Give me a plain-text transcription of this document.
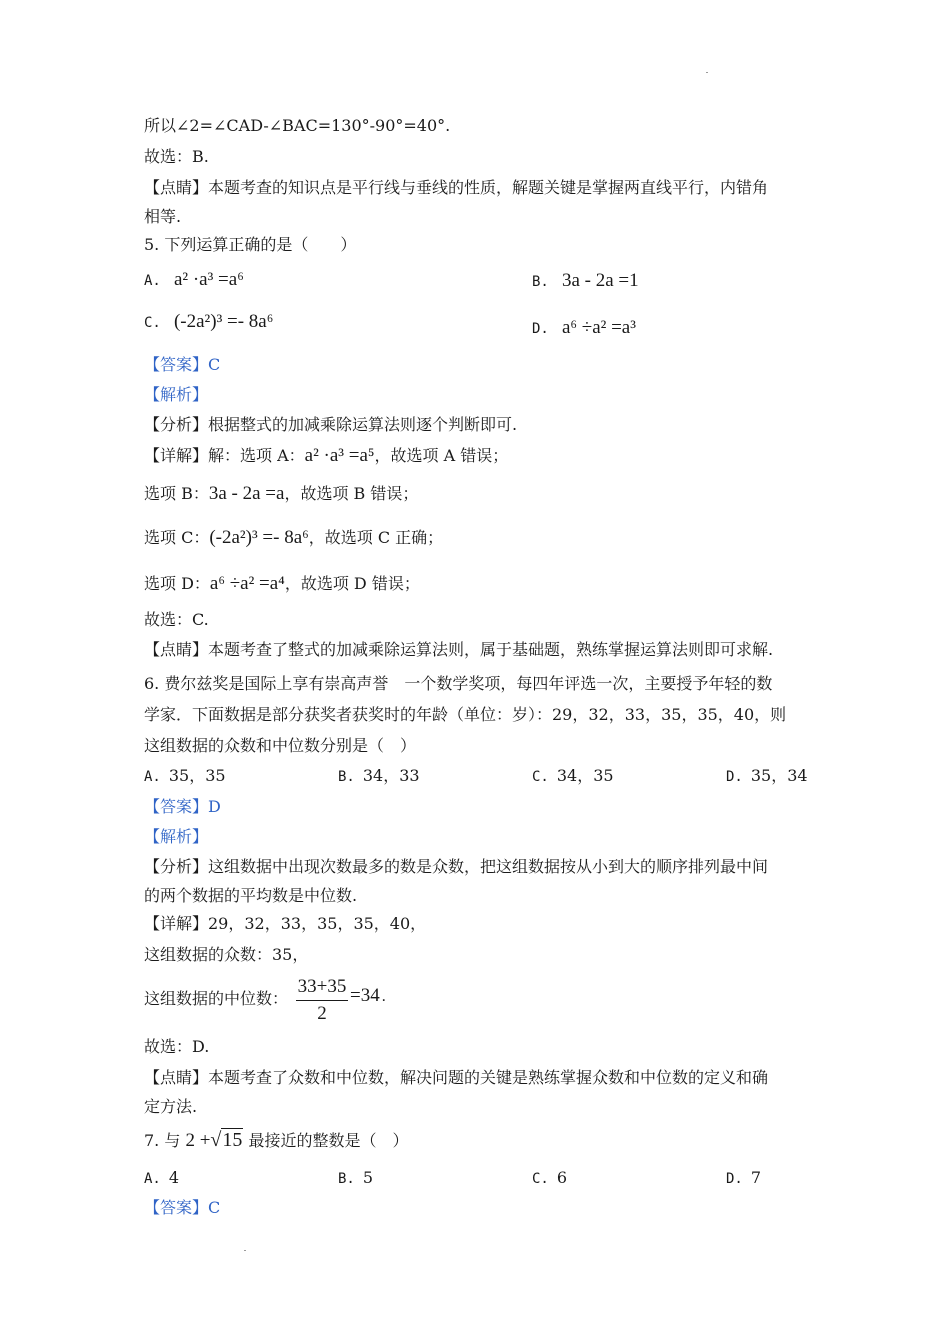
所以∠2=∠CAD-∠BAC=130°-90°=40°.
故选：B.
【点睛】本题考查的知识点是平行线与垂线的性质，解题关键是掌握两直线平行，内错角
相等.
5. 下列运算正确的是（　　）
A. a² ·a³ =a⁶	B. 3a - 2a =1
C. (-2a²)³ =- 8a⁶	D. a⁶ ÷a² =a³
【答案】C
【解析】
【分析】根据整式的加减乘除运算法则逐个判断即可.
【详解】解：选项 A：a² ·a³ =a⁵，故选项 A 错误；
选项 B：3a - 2a =a，故选项 B 错误；
选项 C：(-2a²)³ =- 8a⁶，故选项 C 正确；
选项 D：a⁶ ÷a² =a⁴，故选项 D 错误；
故选：C.
【点睛】本题考查了整式的加减乘除运算法则，属于基础题，熟练掌握运算法则即可求解.
6. 费尔兹奖是国际上享有崇高声誉　一个数学奖项，每四年评选一次，主要授予年轻的数
学家．下面数据是部分获奖者获奖时的年龄（单位：岁）：29，32，33，35，35，40，则
这组数据的众数和中位数分别是（　）
A. 35，35	B. 34，33	C. 34，35	D. 35，34
【答案】D
【解析】
【分析】这组数据中出现次数最多的数是众数，把这组数据按从小到大的顺序排列最中间
的两个数据的平均数是中位数.
【详解】29，32，33，35，35，40，
这组数据的众数：35，
这组数据的中位数：
33+35
2
=34 .
故选：D.
【点睛】本题考查了众数和中位数，解决问题的关键是熟练掌握众数和中位数的定义和确
定方法.
7. 与 2 +√15 最接近的整数是（　）
A. 4	B. 5	C. 6	D. 7
【答案】C
